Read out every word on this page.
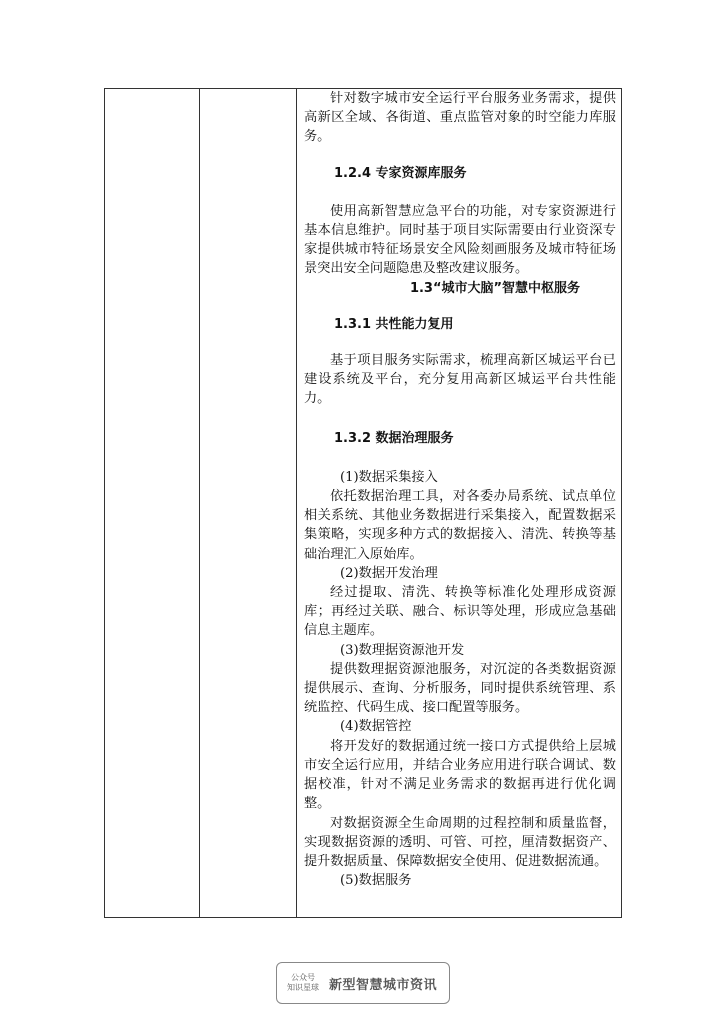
针对数字城市安全运行平台服务业务需求，提供高新区全域、各街道、重点监管对象的时空能力库服务。

1.2.4 专家资源库服务

使用高新智慧应急平台的功能，对专家资源进行基本信息维护。同时基于项目实际需要由行业资深专家提供城市特征场景安全风险刻画服务及城市特征场景突出安全问题隐患及整改建议服务。

1.3“城市大脑”智慧中枢服务

1.3.1 共性能力复用

基于项目服务实际需求，梳理高新区城运平台已建设系统及平台，充分复用高新区城运平台共性能力。

1.3.2 数据治理服务

(1)数据采集接入

依托数据治理工具，对各委办局系统、试点单位相关系统、其他业务数据进行采集接入，配置数据采集策略，实现多种方式的数据接入、清洗、转换等基础治理汇入原始库。

(2)数据开发治理

经过提取、清洗、转换等标准化处理形成资源库；再经过关联、融合、标识等处理，形成应急基础信息主题库。

(3)数理据资源池开发

提供数理据资源池服务，对沉淀的各类数据资源提供展示、查询、分析服务，同时提供系统管理、系统监控、代码生成、接口配置等服务。

(4)数据管控

将开发好的数据通过统一接口方式提供给上层城市安全运行应用，并结合业务应用进行联合调试、数据校准，针对不满足业务需求的数据再进行优化调整。

对数据资源全生命周期的过程控制和质量监督，实现数据资源的透明、可管、可控，厘清数据资产、提升数据质量、保障数据安全使用、促进数据流通。

(5)数据服务

公众号
知识星球 新型智慧城市资讯
